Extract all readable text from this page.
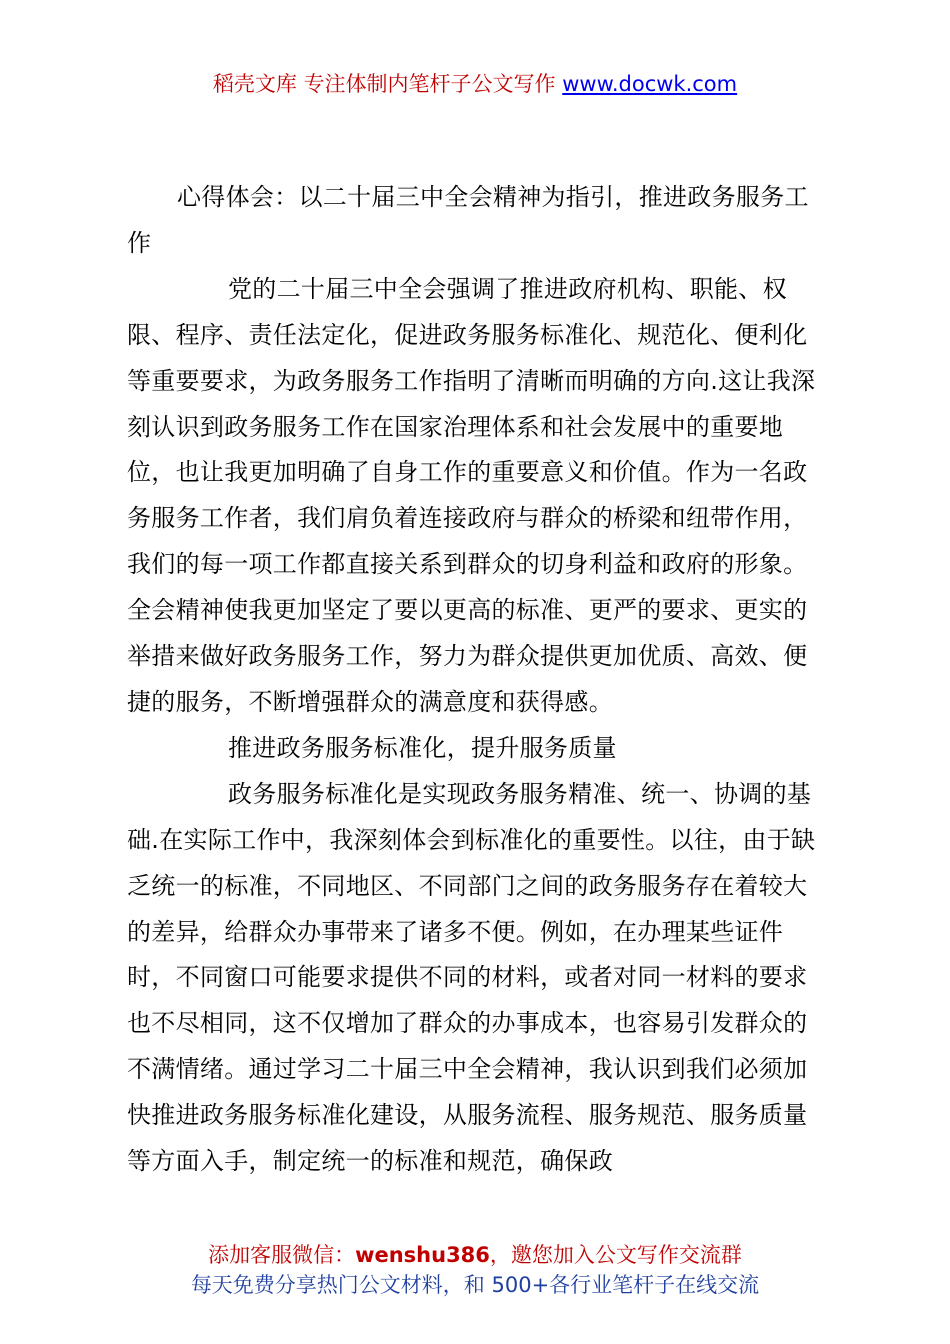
稻壳文库 专注体制内笔杆子公文写作 www.docwk.com

心得体会：以二十届三中全会精神为指引，推进政务服务工作

党的二十届三中全会强调了推进政府机构、职能、权限、程序、责任法定化，促进政务服务标准化、规范化、便利化等重要要求，为政务服务工作指明了清晰而明确的方向.这让我深刻认识到政务服务工作在国家治理体系和社会发展中的重要地位，也让我更加明确了自身工作的重要意义和价值。作为一名政务服务工作者，我们肩负着连接政府与群众的桥梁和纽带作用，我们的每一项工作都直接关系到群众的切身利益和政府的形象。全会精神使我更加坚定了要以更高的标准、更严的要求、更实的举措来做好政务服务工作，努力为群众提供更加优质、高效、便捷的服务，不断增强群众的满意度和获得感。

推进政务服务标准化，提升服务质量

政务服务标准化是实现政务服务精准、统一、协调的基础.在实际工作中，我深刻体会到标准化的重要性。以往，由于缺乏统一的标准，不同地区、不同部门之间的政务服务存在着较大的差异，给群众办事带来了诸多不便。例如，在办理某些证件时，不同窗口可能要求提供不同的材料，或者对同一材料的要求也不尽相同，这不仅增加了群众的办事成本，也容易引发群众的不满情绪。通过学习二十届三中全会精神，我认识到我们必须加快推进政务服务标准化建设，从服务流程、服务规范、服务质量等方面入手，制定统一的标准和规范，确保政

添加客服微信：wenshu386，邀您加入公文写作交流群
每天免费分享热门公文材料，和 500+各行业笔杆子在线交流
